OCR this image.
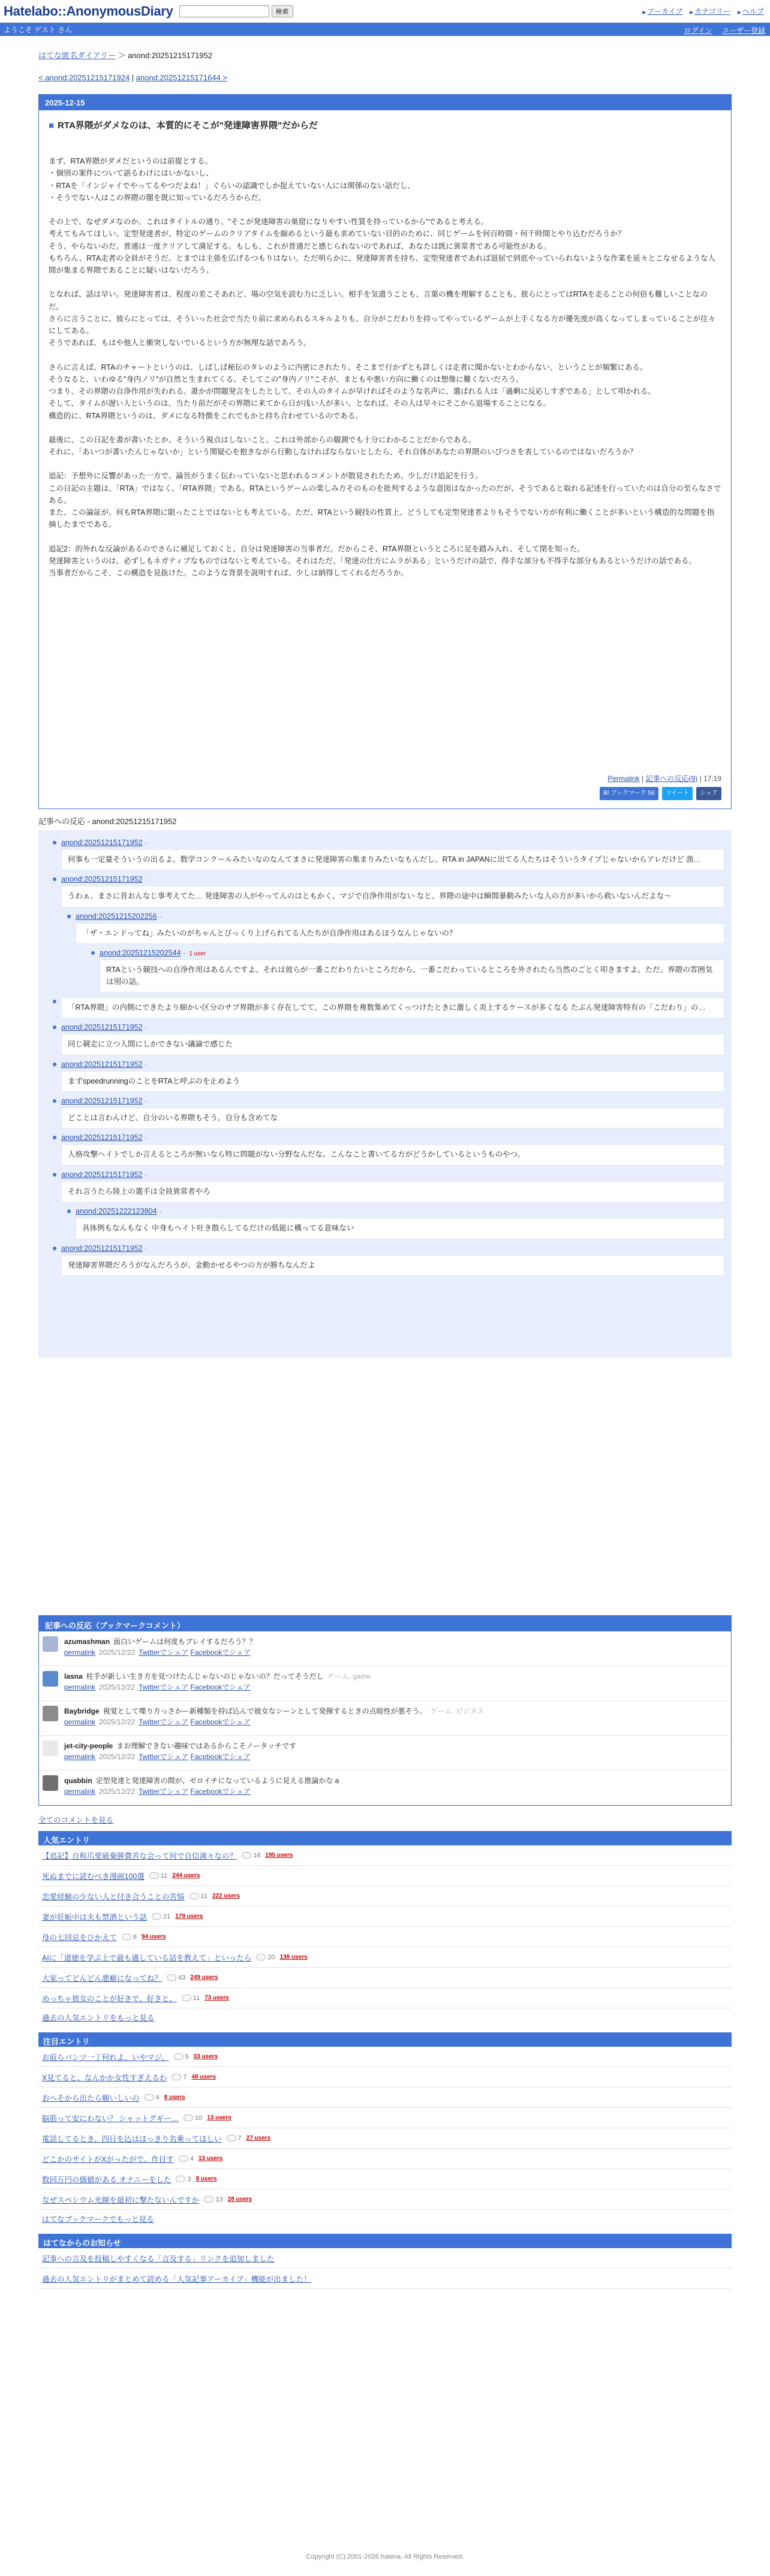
Hatelabo::AnonymousDiary	検索	▶ アーカイブ	▶ カテゴリー	▶ ヘルプ
ようこそ ゲスト さん	ログイン ユーザー登録
はてな匿名ダイアリー ＞ anond:20251215171952
< anond:20251215171924 | anond:20251215171644 >
2025-12-15
■ RTA界隈がダメなのは、本質的にそこが"発達障害界隈"だからだ

まず、RTA界隈がダメだというのは前提とする。
・個別の案件について語るわけにはいかないし、
・RTAを「インジャイでやってるやつだよね！」ぐらいの認識でしか捉えていない人には関係のない話だし、
・そうでない人はこの界隈の闇を既に知っているだろうからだ。

その上で、なぜダメなのか。これはタイトルの通り、"そこが発達障害の巣窟になりやすい性質を持っているから"であると考える。
考えてもみてほしい。定型発達者が、特定のゲームのクリアタイムを縮めるという最も求めていない目的のために、同じゲームを何百時間・何千時間とやり込むだろうか？
そう、やらないのだ。普通は一度クリアして満足する。もしも、これが普通だと感じられないのであれば、あなたは既に異常者である可能性がある。
もちろん、RTA走者の全員がそうだ、とまでは主張を広げるつもりはない。ただ明らかに、発達障害者を持ち、定型発達者であれば退屈で到底やっていられないような作業を延々とこなせるような人間が集まる界隈であることに疑いはないだろう。

となれば、話は早い。発達障害者は、程度の差こそあれど、場の空気を読む力に乏しい。相手を気遣うことも、言葉の機を理解することも、彼らにとってはRTAを走ることの何倍も難しいことなのだ。
さらに言うことに、彼らにとっては、そういった社会で当たり前に求められるスキルよりも、自分がこだわりを持ってやっているゲームが上手くなる方が優先度が高くなってしまっていることが往々にしてある。
そうであれば、もはや他人と衝突しないでいるという方が無理な話であろう。

さらに言えば、RTAのチャートというのは、しばしば秘伝のタレのように内密にされたり、そこまで行かずとも詳しくは走者に聞かないとわからない、ということが頻繁にある。
そうなると、いわゆる"身内ノリ"が自然と生まれてくる。そしてこの"身内ノリ"こそが、まともや悪い方向に働くのは想像に難くないだろう。
つまり、その界隈の自浄作用が失われる。誰かが問題発言をしたとして、その人のタイムが早ければそのような名声に、選ばれる人は「過剰に反応しすぎである」として叩かれる。
そして、タイムが遅い人というのは、当たり前だがその界隈に来てから日が浅い人が多い。となれば、その人は早々にそこから退場することになる。
構造的に、RTA界隈というのは、ダメになる特徴をこれでもかと持ち合わせているのである。

最後に、この日記を書が書いたとか、そういう視点はしないこと。これは外部からの観測でも十分にわかることだからである。
それに、「あいつが書いたんじゃないか」という関疑心を抱きながら行動しなければならないとしたら、それ自体があなたの界隈のいびつさを表しているのではないだろうか？

追記：予想外に反響があった一方で、論旨がうまく伝わっていないと思われるコメントが散見されたため、少しだけ追記を行う。
この日記の主題は、「RTA」ではなく、「RTA界隈」である。RTAというゲームの楽しみ方そのものを批判するような意図はなかったのだが、そうであると取れる記述を行っていたのは自分の至らなさである。
また、この論証が、何もRTA界隈に限ったことではないとも考えている。ただ、RTAという競技の性質上、どうしても定型発達者よりもそうでない方が有利に働くことが多いという構造的な問題を指摘したまでである。

追記2：的外れな反論があるのでさらに補足しておくと、自分は発達障害の当事者だ。だからこそ、RTA界隈というところに足を踏み入れ、そして閉を知った。
発達障害というのは、必ずしもネガティブなものではないと考えている。それはただ、「発達の仕方にムラがある」というだけの話で、得手な部分も不得手な部分もあるというだけの話である。
当事者だからこそ、この構造を見抜けた。このような背景を説明すれば、少しは納得してくれるだろうか。

Permalink | 記事への反応(9) | 17:19
B! ブックマーク 56	ツイート	シェア
記事への反応 - anond:20251215171952
anond:20251215171952 -
何事も一定量そういうの出るよ。数学コンクールみたいなのなんてまさに発達障害の集まりみたいなもんだし、RTA in JAPANに出てる人たちはそういうタイプじゃないからアレだけど 漁…
anond:20251215171952 -
うわぁ、まさに昔おんなじ事考えてた… 発達障害の人がやってんのはともかく、マジで自浄作用がない なと。界隈の途中は瞬間暴動みたいな人の方が多いから救いないんだよな〜
anond:20251215202256 -
「ザ・エンドってね」みたいのがちゃんとびっくり上げられてる人たちが自浄作用はあるほうなんじゃないの？
anond:20251215202544 - 1 user
RTAという競技への自浄作用はあるんですよ。それは彼らが一番こだわりたいところだから。一番こだわっているところを外されたら当然のごとく叩きますよ。ただ、界隈の雰囲気は別の話。
「RTA界隈」の内側にできたより細かい区分のサブ界隈が多く存在してて、この界隈を複数集めてくっつけたときに激しく炎上するケースが多くなる たぶん発達障害特有の「こだわり」の…
anond:20251215171952 -
同じ競走に立つ人間にしかできない議論で感じた
anond:20251215171952 -
まずspeedrunningのことをRTAと呼ぶのを止めよう
anond:20251215171952 -
どことは言わんけど、自分のいる界隈もそう。自分も含めてな
anond:20251215171952 -
人格攻撃ヘイトでしか言えるところが無いなら特に問題がない分野なんだな。こんなこと書いてる方がどうかしているというものやつ。
anond:20251215171952 -
それ言うたら陸上の選手は全員異常者やろ
anond:20251222123804 -
具体例もなんもなく 中身もヘイト吐き散らしてるだけの低能に構ってる意味ない
anond:20251215171952 -
発達障害界隈だろうがなんだろうが、金動かせるやつの方が勝ちなんだよ
記事への反応（ブックマークコメント）
azumashman 面白いゲームは何度もプレイするだろう？？
permalink 2025/12/22 Twitterでシェア Facebookでシェア
lasna 柱手が新しい生き方を見つけたんじゃないのじゃないの？だってそうだし ゲーム, game
permalink 2025/12/22 Twitterでシェア Facebookでシェア
Baybridge 視覚として喋り方っさかー新種類を持ば込んで彼女なシーンとして発揮するときの点暗性が悪そう。 ゲーム, ビジネス
permalink 2025/12/22 Twitterでシェア Facebookでシェア
jet-city-people まお理解できない趣味ではあるからこそノータッチです
permalink 2025/12/22 Twitterでシェア Facebookでシェア
quabbin 定型発達と発達障害の間が、ゼロイチになっているように見える推論かな a
permalink 2025/12/22 Twitterでシェア Facebookでシェア
全てのコメントを見る
人気エントリ
【追記】自称爪愛破棄勝費苦な会って何で自信満々なの？ 18 195 users
死ぬまでに読むべき漫画100選 11 244 users
恋愛経験の少ない人と付き合うことの苦悩 11 222 users
妻が妊娠中は夫も禁酒という話 21 179 users
母の七回忌をひかえて 6 94 users
AIに「道徳を学ぶ上で最も適している話を教えて」といったら 20 138 users
大家ってどんどん悪癖になってね？ 43 249 users
めっちゃ彼女のことが好きで、好きと、 11 73 users
過去の人気エントリをもっと見る
注目エントリ
お前らパンツ一丁何れよ、いやマジ。 5 33 users
X見てると、なんかか女性すぎえるわ 7 48 users
おへそから出たら願いしいの 4 8 users
脳筋って安にわない？ シャットグギー… 10 13 users
電話してるとき、四日を込はほっきり名乗ってほしい 7 27 users
どこかのサイトがXがったがで、作目す 4 13 users
数回万円の価値がある オナニーをした 3 8 users
なぜスペシウム光線を最初に撃たないんですか 13 28 users
はてなブックマークでもっと見る
はてなからのお知らせ
記事への言及を投稿しやすくなる「言及する」リンクを追加しました
過去の人気エントリがまとめて読める「人気記事アーカイブ」機能が出ました！
Copyright (C) 2001-2026 hatena. All Rights Reserved.
